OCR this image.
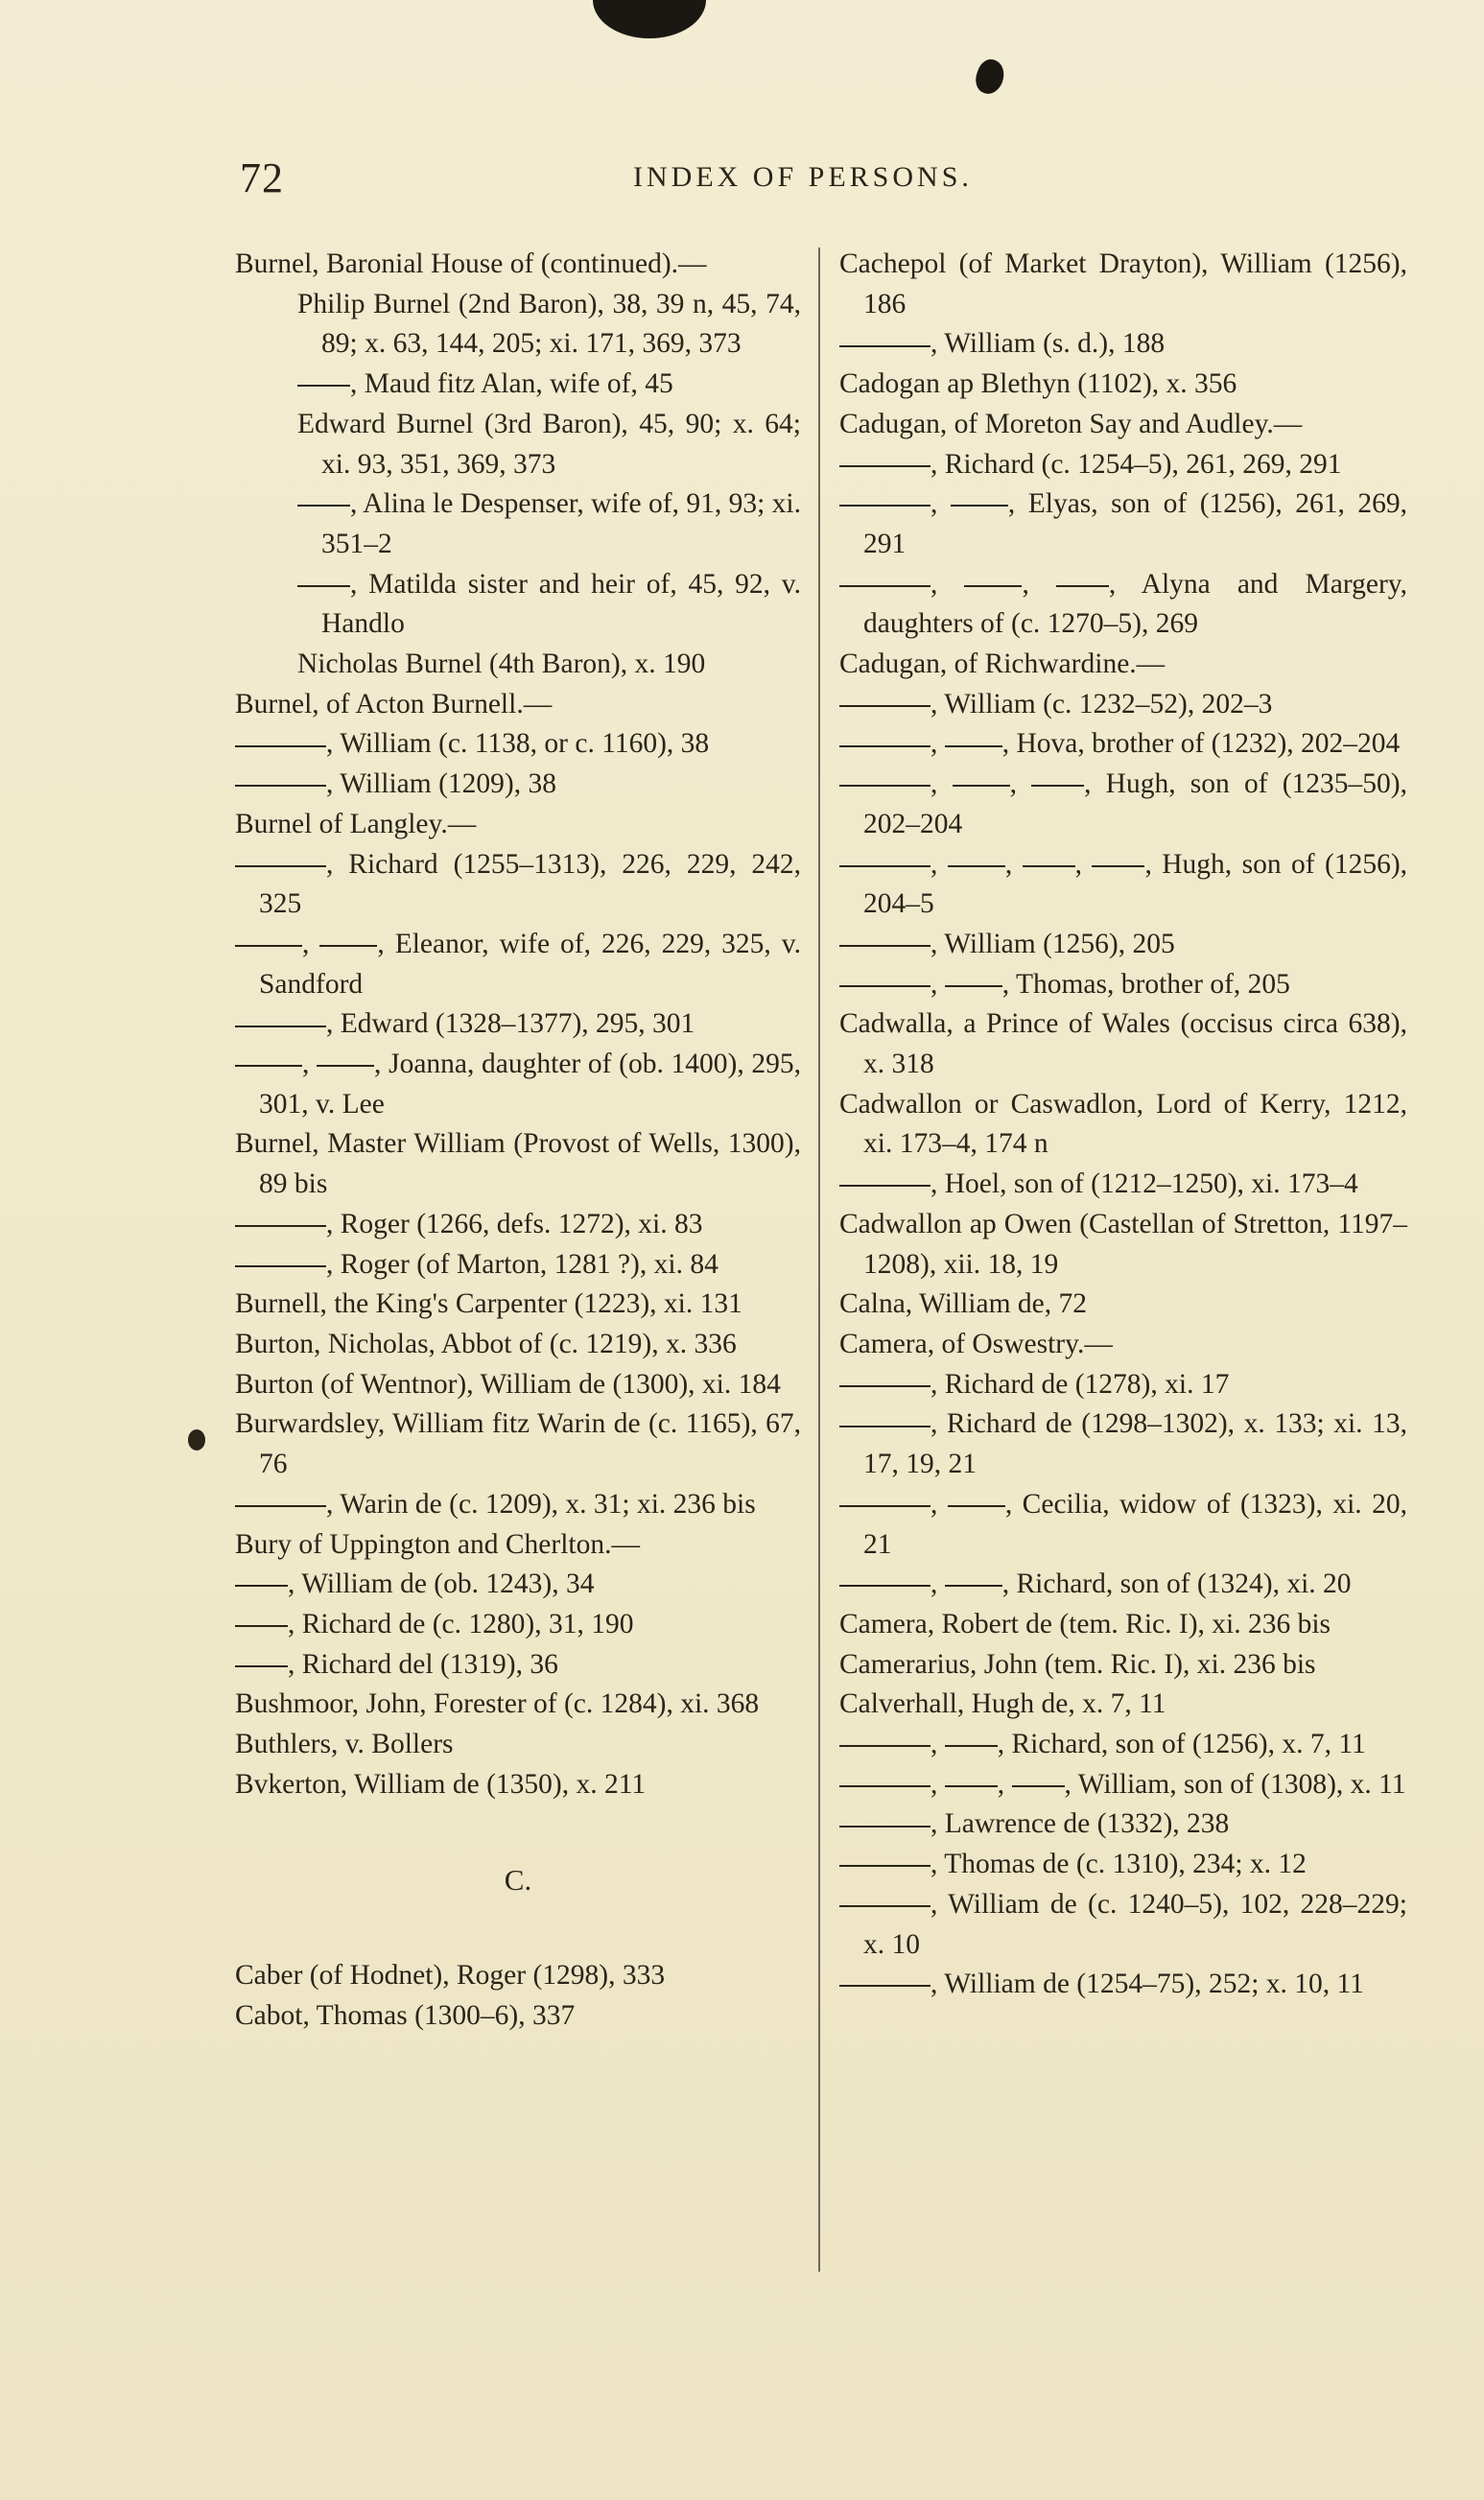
72	INDEX OF PERSONS.
Burnel, Baronial House of (continued).—
Philip Burnel (2nd Baron), 38, 39 n, 45, 74, 89; x. 63, 144, 205; xi. 171, 369, 373
, Maud fitz Alan, wife of, 45
Edward Burnel (3rd Baron), 45, 90; x. 64; xi. 93, 351, 369, 373
, Alina le Despenser, wife of, 91, 93; xi. 351–2
, Matilda sister and heir of, 45, 92, v. Handlo
Nicholas Burnel (4th Baron), x. 190
Burnel, of Acton Burnell.—
, William (c. 1138, or c. 1160), 38
, William (1209), 38
Burnel of Langley.—
, Richard (1255–1313), 226, 229, 242, 325
, , Eleanor, wife of, 226, 229, 325, v. Sandford
, Edward (1328–1377), 295, 301
, , Joanna, daughter of (ob. 1400), 295, 301, v. Lee
Burnel, Master William (Provost of Wells, 1300), 89 bis
, Roger (1266, defs. 1272), xi. 83
, Roger (of Marton, 1281 ?), xi. 84
Burnell, the King's Carpenter (1223), xi. 131
Burton, Nicholas, Abbot of (c. 1219), x. 336
Burton (of Wentnor), William de (1300), xi. 184
Burwardsley, William fitz Warin de (c. 1165), 67, 76
, Warin de (c. 1209), x. 31; xi. 236 bis
Bury of Uppington and Cherlton.—
, William de (ob. 1243), 34
, Richard de (c. 1280), 31, 190
, Richard del (1319), 36
Bushmoor, John, Forester of (c. 1284), xi. 368
Buthlers, v. Bollers
Bvkerton, William de (1350), x. 211
C.
Caber (of Hodnet), Roger (1298), 333
Cabot, Thomas (1300–6), 337
Cachepol (of Market Drayton), William (1256), 186
, William (s. d.), 188
Cadogan ap Blethyn (1102), x. 356
Cadugan, of Moreton Say and Audley.—
, Richard (c. 1254–5), 261, 269, 291
, , Elyas, son of (1256), 261, 269, 291
, , , Alyna and Margery, daughters of (c. 1270–5), 269
Cadugan, of Richwardine.—
, William (c. 1232–52), 202–3
, , Hova, brother of (1232), 202–204
, , , Hugh, son of (1235–50), 202–204
, , , , Hugh, son of (1256), 204–5
, William (1256), 205
, , Thomas, brother of, 205
Cadwalla, a Prince of Wales (occisus circa 638), x. 318
Cadwallon or Caswadlon, Lord of Kerry, 1212, xi. 173–4, 174 n
, Hoel, son of (1212–1250), xi. 173–4
Cadwallon ap Owen (Castellan of Stretton, 1197–1208), xii. 18, 19
Calna, William de, 72
Camera, of Oswestry.—
, Richard de (1278), xi. 17
, Richard de (1298–1302), x. 133; xi. 13, 17, 19, 21
, , Cecilia, widow of (1323), xi. 20, 21
, , Richard, son of (1324), xi. 20
Camera, Robert de (tem. Ric. I), xi. 236 bis
Camerarius, John (tem. Ric. I), xi. 236 bis
Calverhall, Hugh de, x. 7, 11
, , Richard, son of (1256), x. 7, 11
, , , William, son of (1308), x. 11
, Lawrence de (1332), 238
, Thomas de (c. 1310), 234; x. 12
, William de (c. 1240–5), 102, 228–229; x. 10
, William de (1254–75), 252; x. 10, 11
